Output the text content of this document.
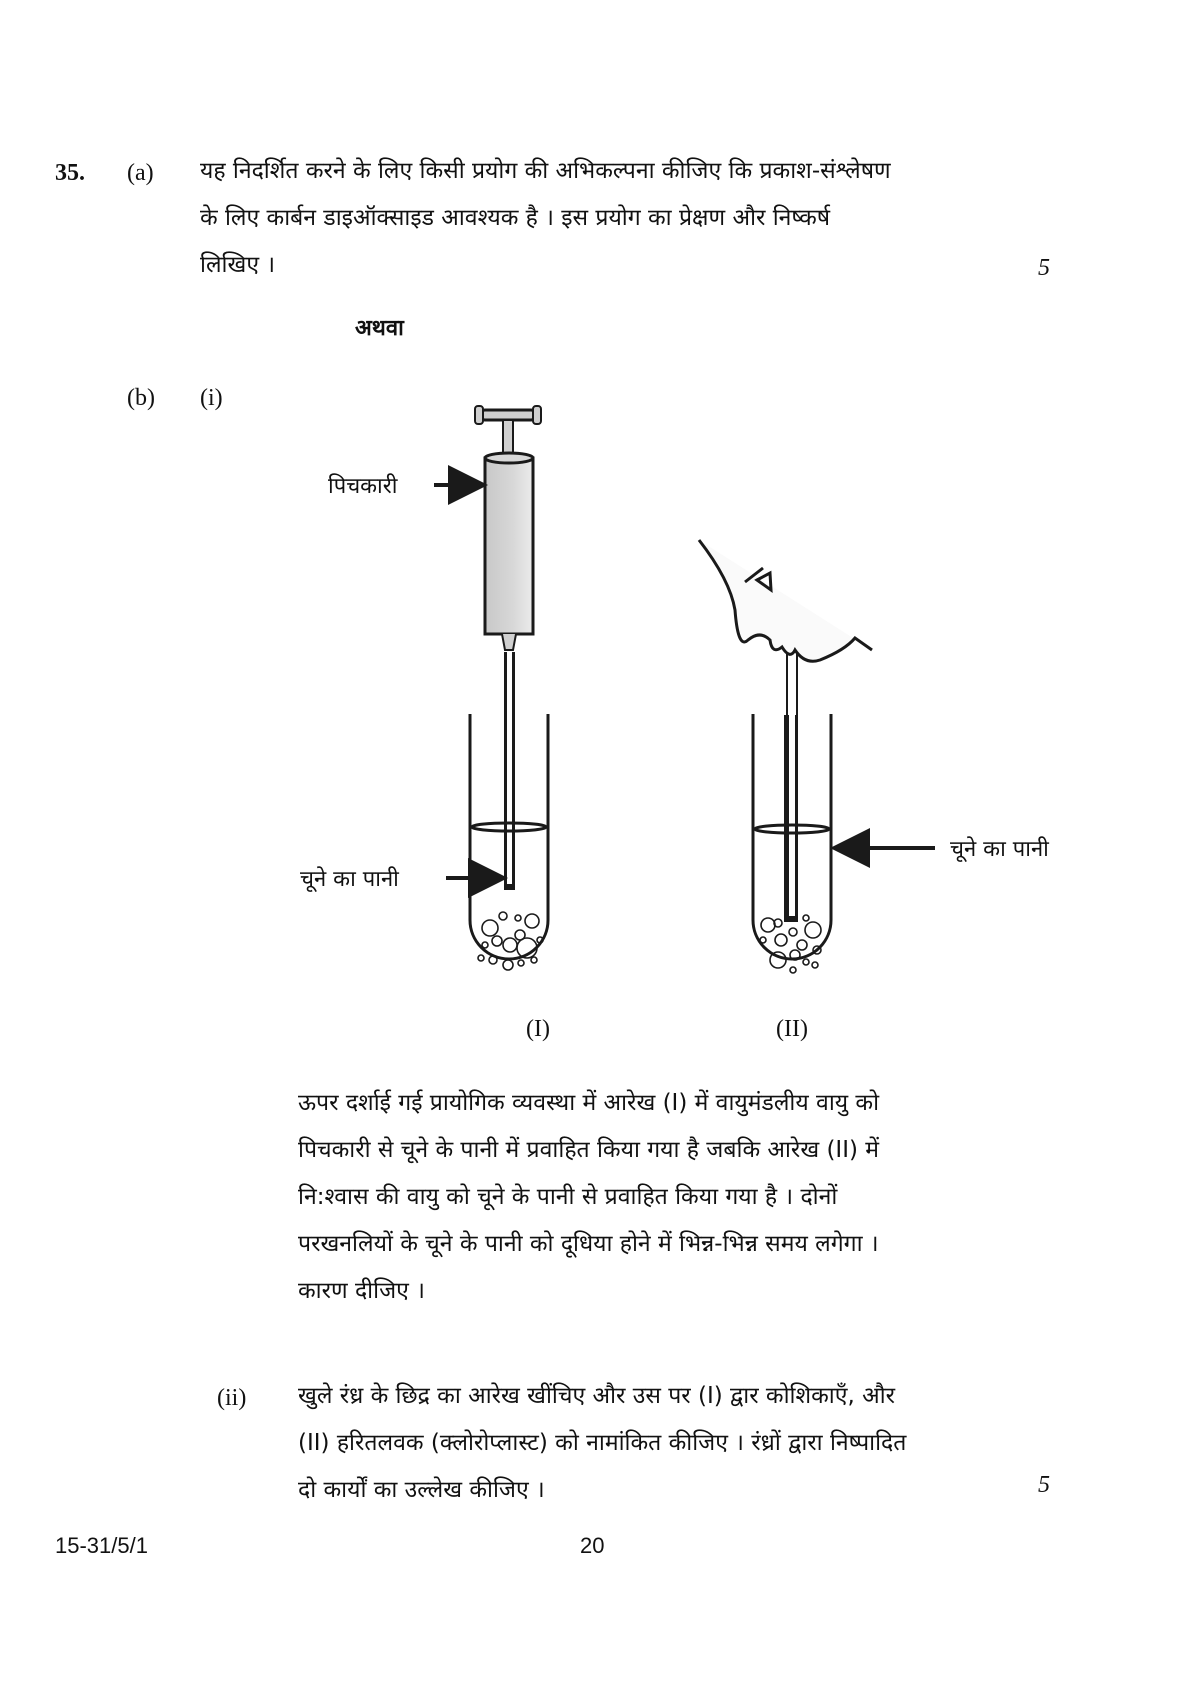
35. (a) यह निदर्शित करने के लिए किसी प्रयोग की अभिकल्पना कीजिए कि प्रकाश-संश्लेषण
के लिए कार्बन डाइऑक्साइड आवश्यक है । इस प्रयोग का प्रेक्षण और निष्कर्ष
लिखिए ।	5
अथवा
(b) (i)
पिचकारी
चूने का पानी
चूने का पानी
(I)	(II)
ऊपर दर्शाई गई प्रायोगिक व्यवस्था में आरेख (I) में वायुमंडलीय वायु को
पिचकारी से चूने के पानी में प्रवाहित किया गया है जबकि आरेख (II) में
नि:श्वास की वायु को चूने के पानी से प्रवाहित किया गया है । दोनों
परखनलियों के चूने के पानी को दूधिया होने में भिन्न-भिन्न समय लगेगा ।
कारण दीजिए ।
(ii) खुले रंध्र के छिद्र का आरेख खींचिए और उस पर (I) द्वार कोशिकाएँ, और
(II) हरितलवक (क्लोरोप्लास्ट) को नामांकित कीजिए । रंध्रों द्वारा निष्पादित
दो कार्यों का उल्लेख कीजिए ।	5
15-31/5/1	20
